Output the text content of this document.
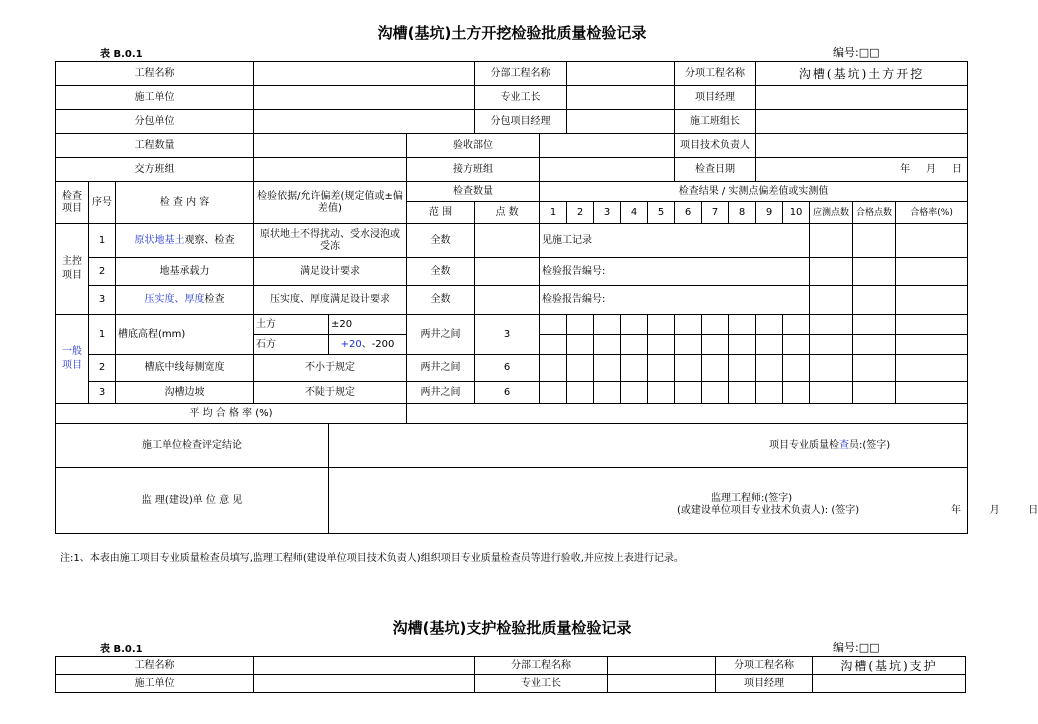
沟槽(基坑)土方开挖检验批质量检验记录
表 B.0.1	编号:□□
工程名称						分部工程名称						分项工程名称			沟槽(基坑)土方开挖				
施工单位						专业工长						项目经理							
分包单位						分包项目经理						施工班组长							
工程数量					验收部位							项目技术负责人							
交方班组					接方班组							检查日期			年 月 日				
检查项目	序号	检 查 内 容	检验依据/允许偏差(规定值或±偏差值)		检查数量		检查结果 / 实测点偏差值或实测值												
					范 围	点 数	1	2	3	4	5	6	7	8	9	10	应测点数	合格点数	合格率(%)
主控项目	1	原状地基土观察、检查	原状地土不得扰动、受水浸泡或受冻		全数		见施工记录												
	2	地基承载力	满足设计要求		全数		检验报告编号:												
	3	压实度、厚度检查	压实度、厚度满足设计要求		全数		检验报告编号:												
一般项目	1	槽底高程(mm)	土方	±20	两井之间	3													
			石方	+20、-200															
	2	槽底中线每侧宽度	不小于规定		两井之间	6													
	3	沟槽边坡	不陡于规定		两井之间	6													
平 均 合 格 率 (%)																			
施工单位检查评定结论				项目专业质量检查员:(签字)															
监 理(建设)单 位 意 见				监理工程师:(签字)
(或建设单位项目专业技术负责人): (签字) 年 月 日															
注:1、本表由施工项目专业质量检查员填写,监理工程师(建设单位项目技术负责人)组织项目专业质量检查员等进行验收,并应按上表进行记录。
沟槽(基坑)支护检验批质量检验记录
表 B.0.1	编号:□□
工程名称		分部工程名称		分项工程名称	沟槽(基坑)支护
施工单位		专业工长		项目经理	
